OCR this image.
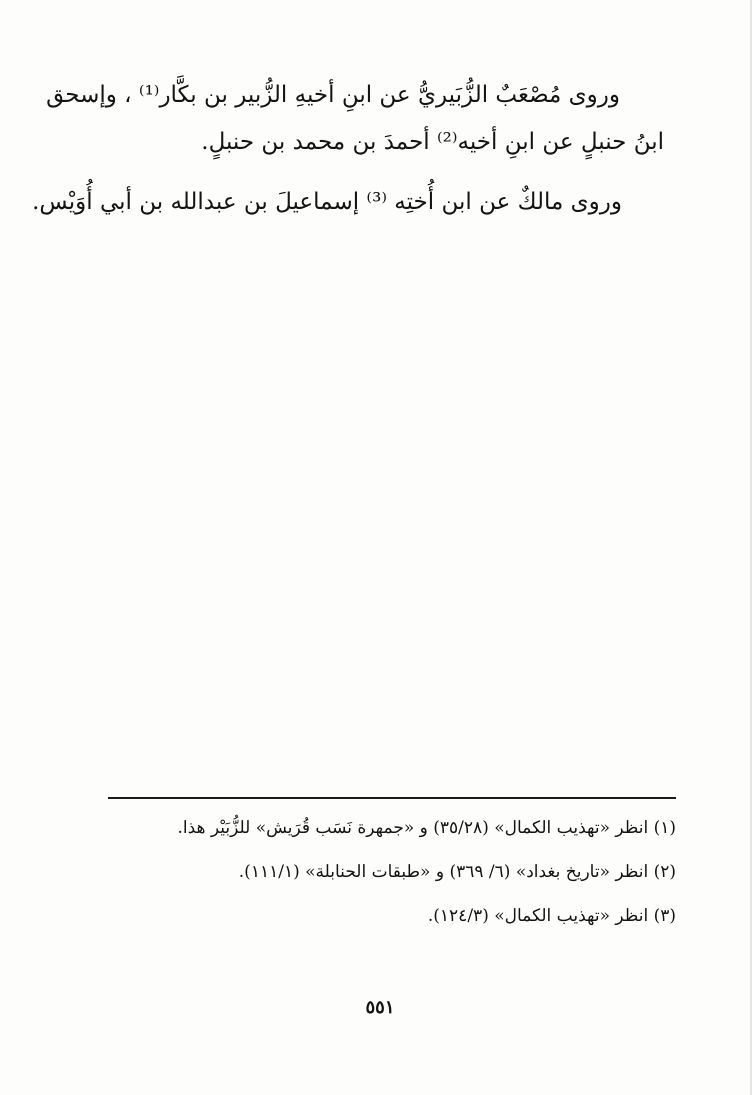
وروى مُصْعَبٌ الزُّبَيريُّ عن ابنِ أخيهِ الزُّبير بن بكَّار⁽¹⁾ ، وإسحق
ابنُ حنبلٍ عن ابنِ أخيه⁽²⁾ أحمدَ بن محمد بن حنبلٍ.
وروى مالكٌ عن ابن أُختِه ⁽³⁾ إسماعيلَ بن عبدالله بن أبي أُوَيْس.
(١) انظر «تهذيب الكمال» (٣٥/٢٨) و «جمهرة نَسَب قُرَيش» للزُّبَيْر هذا.
(٢) انظر «تاريخ بغداد» (٦/ ٣٦٩) و «طبقات الحنابلة» (١١١/١).
(٣) انظر «تهذيب الكمال» (١٢٤/٣).
٥٥١
